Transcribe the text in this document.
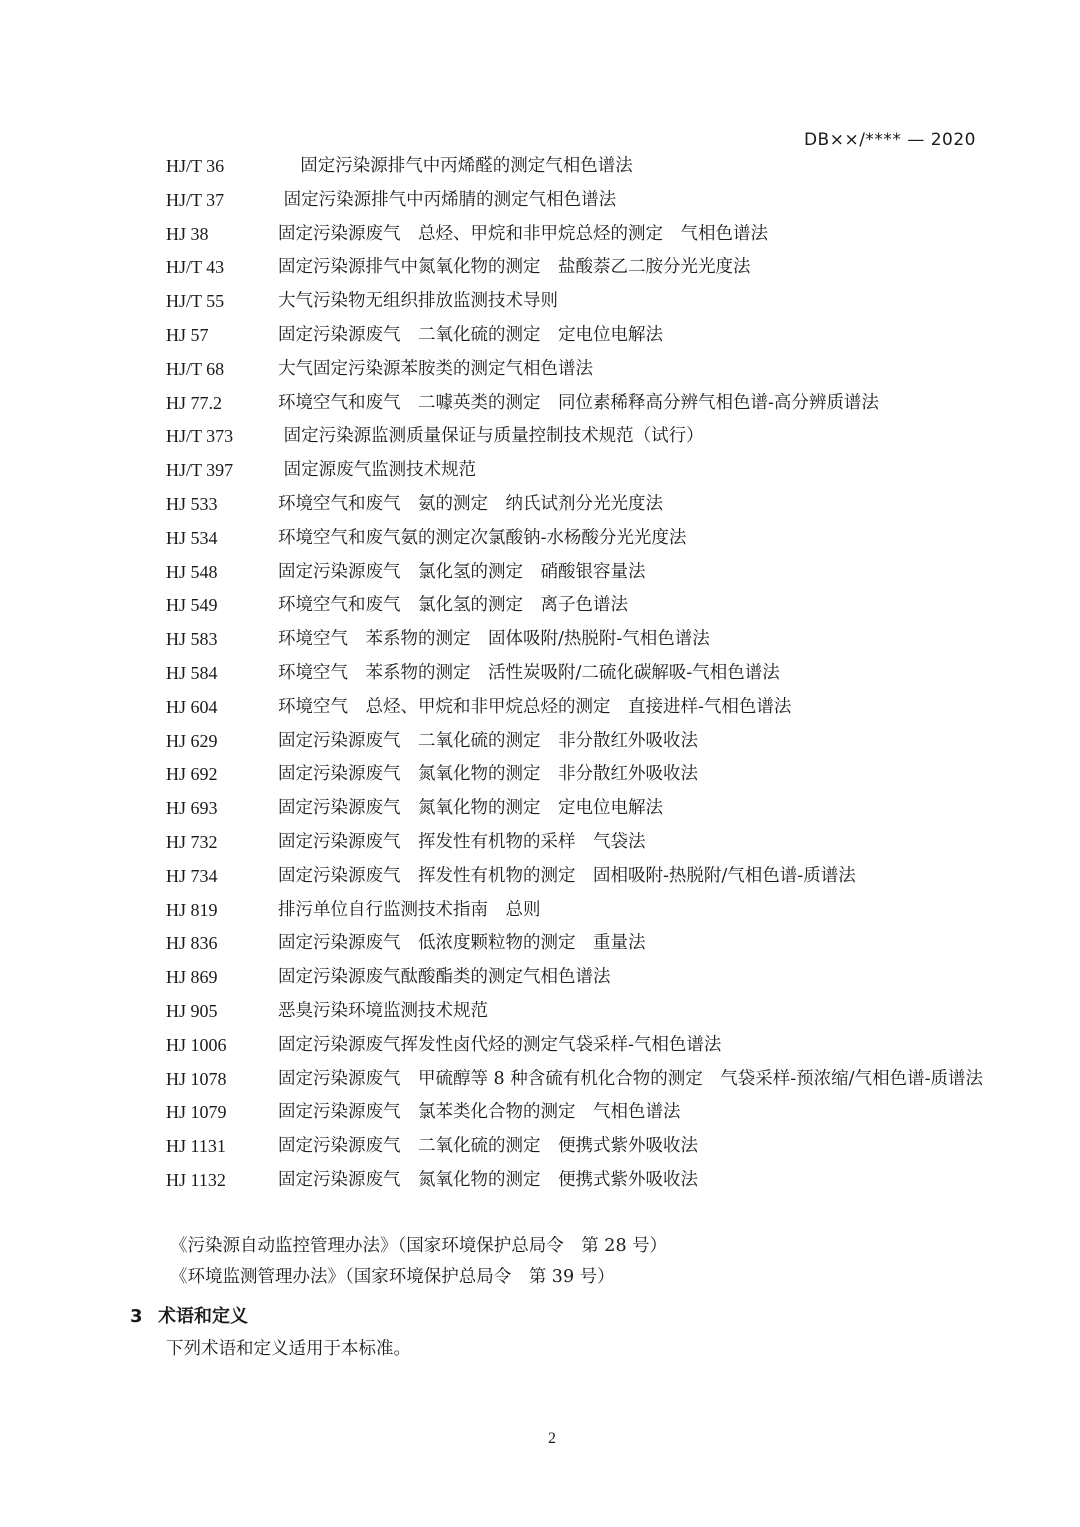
DB××/**** — 2020
HJ/T 36	固定污染源排气中丙烯醛的测定气相色谱法
HJ/T 37	固定污染源排气中丙烯腈的测定气相色谱法
HJ 38	固定污染源废气　总烃、甲烷和非甲烷总烃的测定　气相色谱法
HJ/T 43	固定污染源排气中氮氧化物的测定　盐酸萘乙二胺分光光度法
HJ/T 55	大气污染物无组织排放监测技术导则
HJ 57	固定污染源废气　二氧化硫的测定　定电位电解法
HJ/T 68	大气固定污染源苯胺类的测定气相色谱法
HJ 77.2	环境空气和废气　二噱英类的测定　同位素稀释高分辨气相色谱-高分辨质谱法
HJ/T 373	固定污染源监测质量保证与质量控制技术规范（试行）
HJ/T 397	固定源废气监测技术规范
HJ 533	环境空气和废气　氨的测定　纳氏试剂分光光度法
HJ 534	环境空气和废气氨的测定次氯酸钠-水杨酸分光光度法
HJ 548	固定污染源废气　氯化氢的测定　硝酸银容量法
HJ 549	环境空气和废气　氯化氢的测定　离子色谱法
HJ 583	环境空气　苯系物的测定　固体吸附/热脱附-气相色谱法
HJ 584	环境空气　苯系物的测定　活性炭吸附/二硫化碳解吸-气相色谱法
HJ 604	环境空气　总烃、甲烷和非甲烷总烃的测定　直接进样-气相色谱法
HJ 629	固定污染源废气　二氧化硫的测定　非分散红外吸收法
HJ 692	固定污染源废气　氮氧化物的测定　非分散红外吸收法
HJ 693	固定污染源废气　氮氧化物的测定　定电位电解法
HJ 732	固定污染源废气　挥发性有机物的采样　气袋法
HJ 734	固定污染源废气　挥发性有机物的测定　固相吸附-热脱附/气相色谱-质谱法
HJ 819	排污单位自行监测技术指南　总则
HJ 836	固定污染源废气　低浓度颗粒物的测定　重量法
HJ 869	固定污染源废气酞酸酯类的测定气相色谱法
HJ 905	恶臭污染环境监测技术规范
HJ 1006	固定污染源废气挥发性卤代烃的测定气袋采样-气相色谱法
HJ 1078	固定污染源废气　甲硫醇等 8 种含硫有机化合物的测定　气袋采样-预浓缩/气相色谱-质谱法
HJ 1079	固定污染源废气　氯苯类化合物的测定　气相色谱法
HJ 1131	固定污染源废气　二氧化硫的测定　便携式紫外吸收法
HJ 1132	固定污染源废气　氮氧化物的测定　便携式紫外吸收法
《污染源自动监控管理办法》（国家环境保护总局令　第 28 号）
《环境监测管理办法》（国家环境保护总局令　第 39 号）
3 术语和定义
下列术语和定义适用于本标准。
2
